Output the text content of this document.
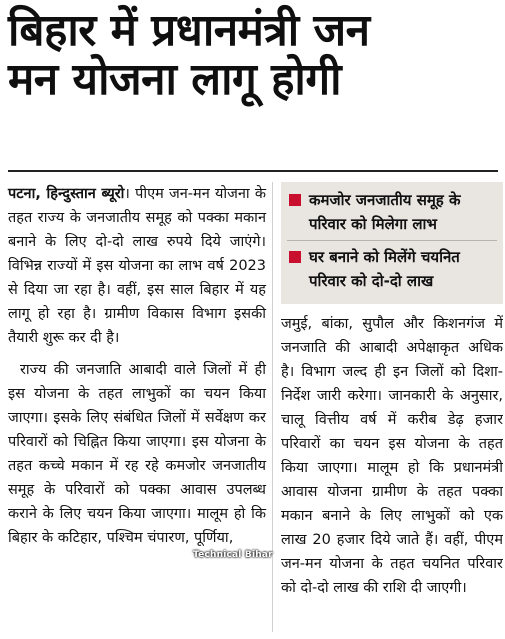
बिहार में प्रधानमंत्री जन
मन योजना लागू होगी

पटना, हिन्दुस्तान ब्यूरो। पीएम जन-मन योजना के तहत राज्य के जनजातीय समूह को पक्का मकान बनाने के लिए दो-दो लाख रुपये दिये जाएंगे। विभिन्न राज्यों में इस योजना का लाभ वर्ष 2023 से दिया जा रहा है। वहीं, इस साल बिहार में यह लागू हो रहा है। ग्रामीण विकास विभाग इसकी तैयारी शुरू कर दी है।

राज्य की जनजाति आबादी वाले जिलों में ही इस योजना के तहत लाभुकों का चयन किया जाएगा। इसके लिए संबंधित जिलों में सर्वेक्षण कर परिवारों को चिह्नित किया जाएगा। इस योजना के तहत कच्चे मकान में रह रहे कमजोर जनजातीय समूह के परिवारों को पक्का आवास उपलब्ध कराने के लिए चयन किया जाएगा। मालूम हो कि बिहार के कटिहार, पश्चिम चंपारण, पूर्णिया,

कमजोर जनजातीय समूह के परिवार को मिलेगा लाभ
घर बनाने को मिलेंगे चयनित परिवार को दो-दो लाख

जमुई, बांका, सुपौल और किशनगंज में जनजाति की आबादी अपेक्षाकृत अधिक है। विभाग जल्द ही इन जिलों को दिशा-निर्देश जारी करेगा। जानकारी के अनुसार, चालू वित्तीय वर्ष में करीब डेढ़ हजार परिवारों का चयन इस योजना के तहत किया जाएगा। मालूम हो कि प्रधानमंत्री आवास योजना ग्रामीण के तहत पक्का मकान बनाने के लिए लाभुकों को एक लाख 20 हजार दिये जाते हैं। वहीं, पीएम जन-मन योजना के तहत चयनित परिवार को दो-दो लाख की राशि दी जाएगी।

Technical Bihar
